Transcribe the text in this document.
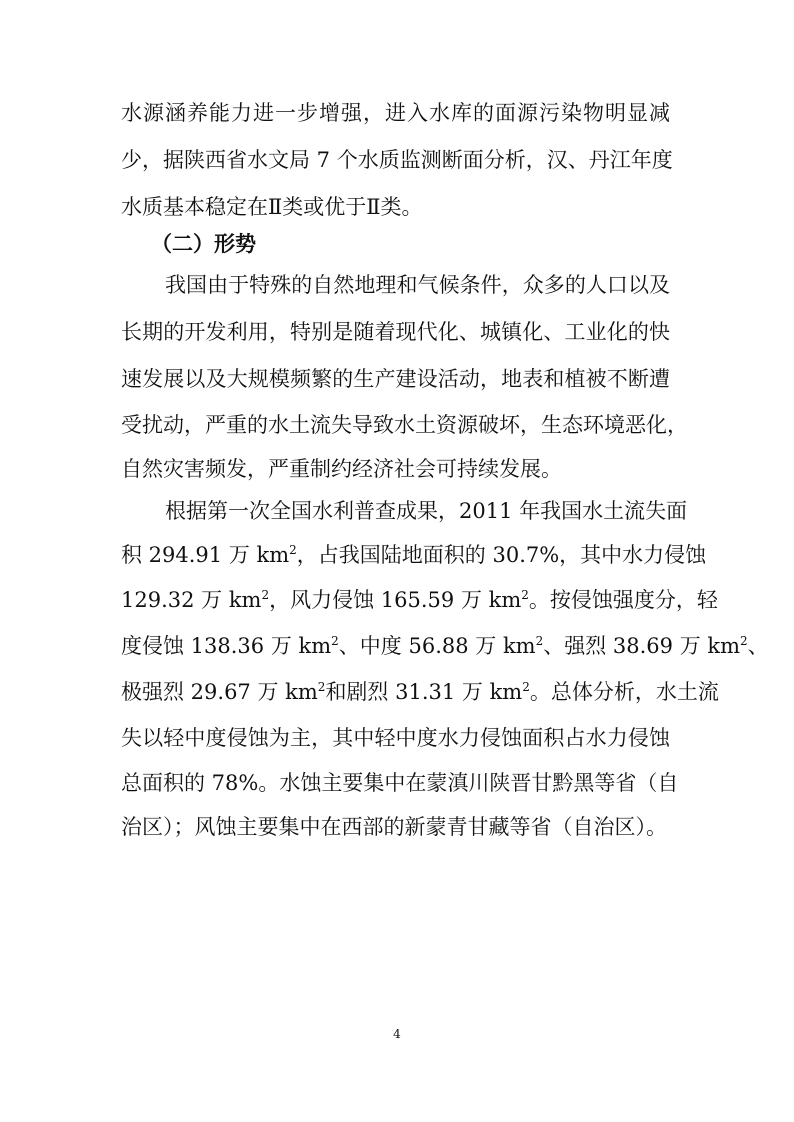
水源涵养能力进一步增强，进入水库的面源污染物明显减
少，据陕西省水文局 7 个水质监测断面分析，汉、丹江年度
水质基本稳定在Ⅱ类或优于Ⅱ类。
（二）形势
我国由于特殊的自然地理和气候条件，众多的人口以及
长期的开发利用，特别是随着现代化、城镇化、工业化的快
速发展以及大规模频繁的生产建设活动，地表和植被不断遭
受扰动，严重的水土流失导致水土资源破坏，生态环境恶化，
自然灾害频发，严重制约经济社会可持续发展。
根据第一次全国水利普查成果，2011 年我国水土流失面
积 294.91 万 $km^2$，占我国陆地面积的 30.7%，其中水力侵蚀
129.32 万 $km^2$，风力侵蚀 165.59 万 $km^2$。按侵蚀强度分，轻
度侵蚀 138.36 万 $km^2$、中度 56.88 万 $km^2$、强烈 38.69 万 $km^2$、
极强烈 29.67 万 $km^2$和剧烈 31.31 万 $km^2$。总体分析，水土流
失以轻中度侵蚀为主，其中轻中度水力侵蚀面积占水力侵蚀
总面积的 78%。水蚀主要集中在蒙滇川陕晋甘黔黑等省（自
治区）；风蚀主要集中在西部的新蒙青甘藏等省（自治区）。
4
